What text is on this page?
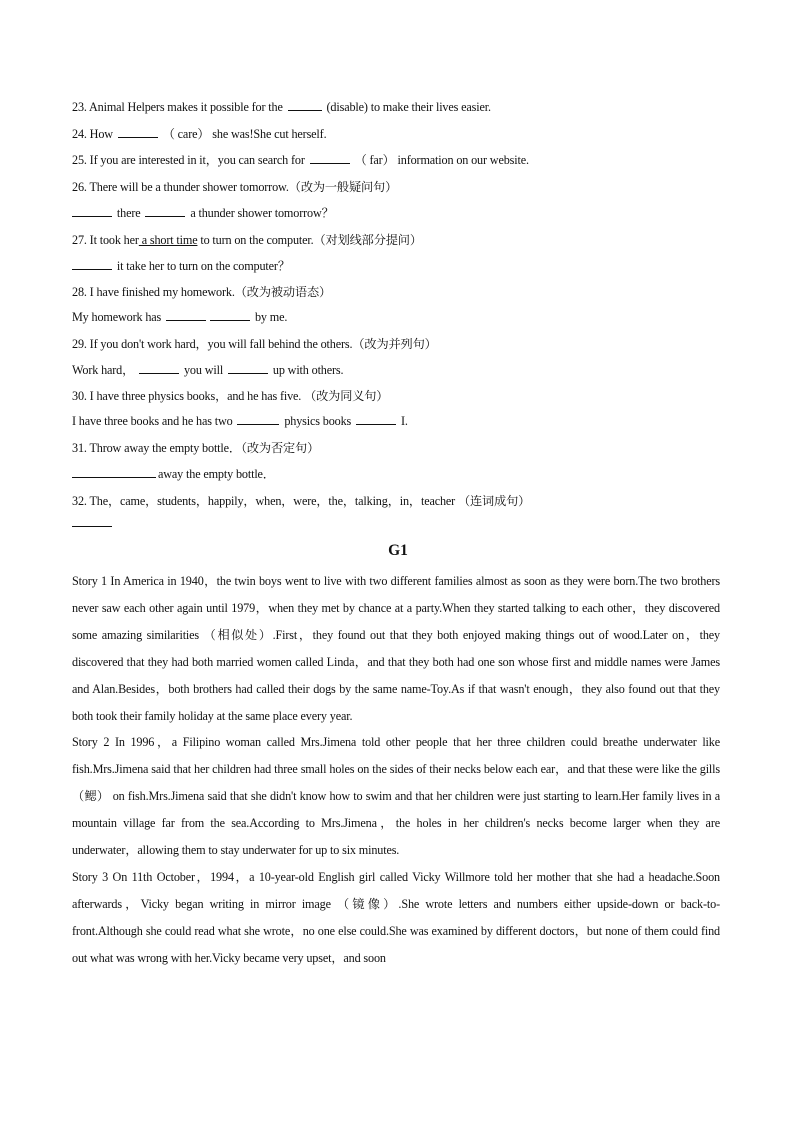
23. Animal Helpers makes it possible for the	(disable) to make their lives easier.
24. How	（ care） she was!She cut herself.
25. If you are interested in it，you can search for	（ far） information on our website.
26. There will be a thunder shower tomorrow.（改为一般疑问句）
there	a thunder shower tomorrow？
27. It took her a short time to turn on the computer.（对划线部分提问）
it take her to turn on the computer？
28. I have finished my homework.（改为被动语态）
My homework has	by me.
29. If you don't work hard，you will fall behind the others.（改为并列句）
Work hard，	you will	up with others.
30. I have three physics books，and he has five. （改为同义句）
I have three books and he has two	physics books	I.
31. Throw away the empty bottle．（改为否定句）
away the empty bottle．
32. The，came，students，happily，when，were，the，talking，in，teacher （连词成句）
G1
Story 1 In America in 1940，the twin boys went to live with two different families almost as soon as they were born.The two brothers never saw each other again until 1979，when they met by chance at a party.When they started talking to each other，they discovered some amazing similarities （相似处）.First，they found out that they both enjoyed making things out of wood.Later on，they discovered that they had both married women called Linda，and that they both had one son whose first and middle names were James and Alan.Besides，both brothers had called their dogs by the same name-Toy.As if that wasn't enough，they also found out that they both took their family holiday at the same place every year.
Story 2 In 1996，a Filipino woman called Mrs.Jimena told other people that her three children could breathe underwater like fish.Mrs.Jimena said that her children had three small holes on the sides of their necks below each ear，and that these were like the gills （鳃） on fish.Mrs.Jimena said that she didn't know how to swim and that her children were just starting to learn.Her family lives in a mountain village far from the sea.According to Mrs.Jimena，the holes in her children's necks become larger when they are underwater，allowing them to stay underwater for up to six minutes.
Story 3 On 11th October，1994，a 10-year-old English girl called Vicky Willmore told her mother that she had a headache.Soon afterwards，Vicky began writing in mirror image （镜像）.She wrote letters and numbers either upside-down or back-to-front.Although she could read what she wrote，no one else could.She was examined by different doctors，but none of them could find out what was wrong with her.Vicky became very upset，and soon
